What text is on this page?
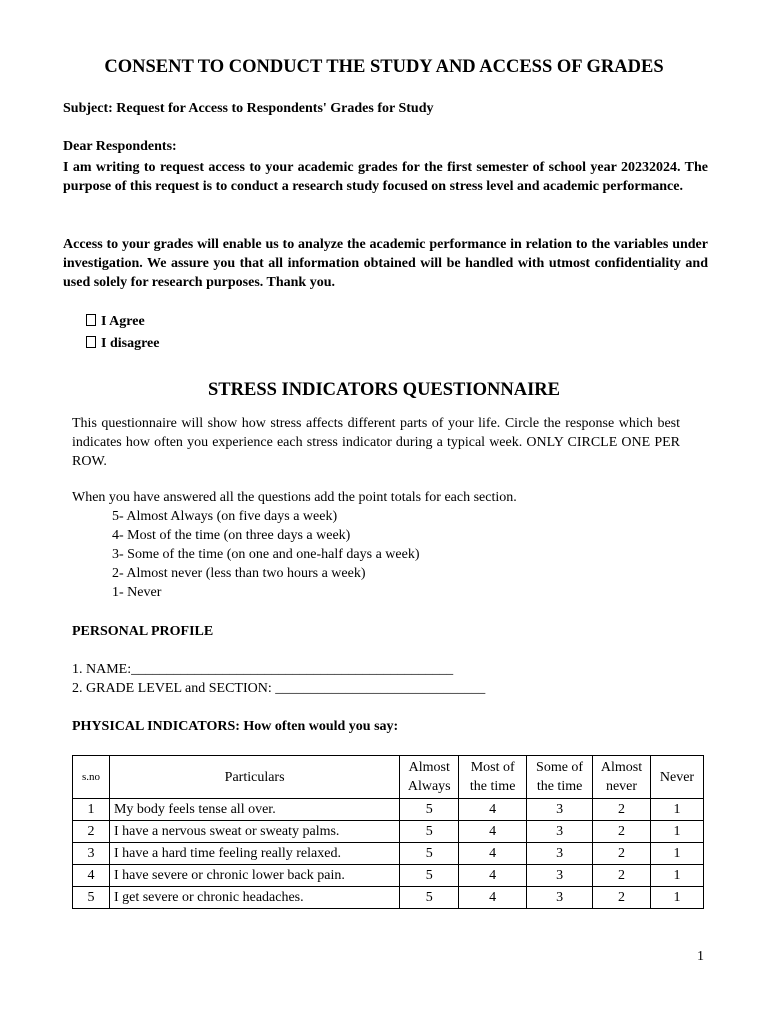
CONSENT TO CONDUCT THE STUDY AND ACCESS OF GRADES
Subject: Request for Access to Respondents' Grades for Study
Dear Respondents:
I am writing to request access to your academic grades for the first semester of school year 20232024. The purpose of this request is to conduct a research study focused on stress level and academic performance.
Access to your grades will enable us to analyze the academic performance in relation to the variables under investigation. We assure you that all information obtained will be handled with utmost confidentiality and used solely for research purposes. Thank you.
I Agree
I disagree
STRESS INDICATORS QUESTIONNAIRE
This questionnaire will show how stress affects different parts of your life. Circle the response which best indicates how often you experience each stress indicator during a typical week. ONLY CIRCLE ONE PER ROW.
When you have answered all the questions add the point totals for each section.
5- Almost Always (on five days a week)
4- Most of the time (on three days a week)
3- Some of the time (on one and one-half days a week)
2- Almost never (less than two hours a week)
1- Never
PERSONAL PROFILE
1. NAME:______________________________________________
2. GRADE LEVEL and SECTION: ______________________________
PHYSICAL INDICATORS: How often would you say:
s.no	Particulars	Almost Always	Most of the time	Some of the time	Almost never	Never
1	My body feels tense all over.	5	4	3	2	1
2	I have a nervous sweat or sweaty palms.	5	4	3	2	1
3	I have a hard time feeling really relaxed.	5	4	3	2	1
4	I have severe or chronic lower back pain.	5	4	3	2	1
5	I get severe or chronic headaches.	5	4	3	2	1
1
